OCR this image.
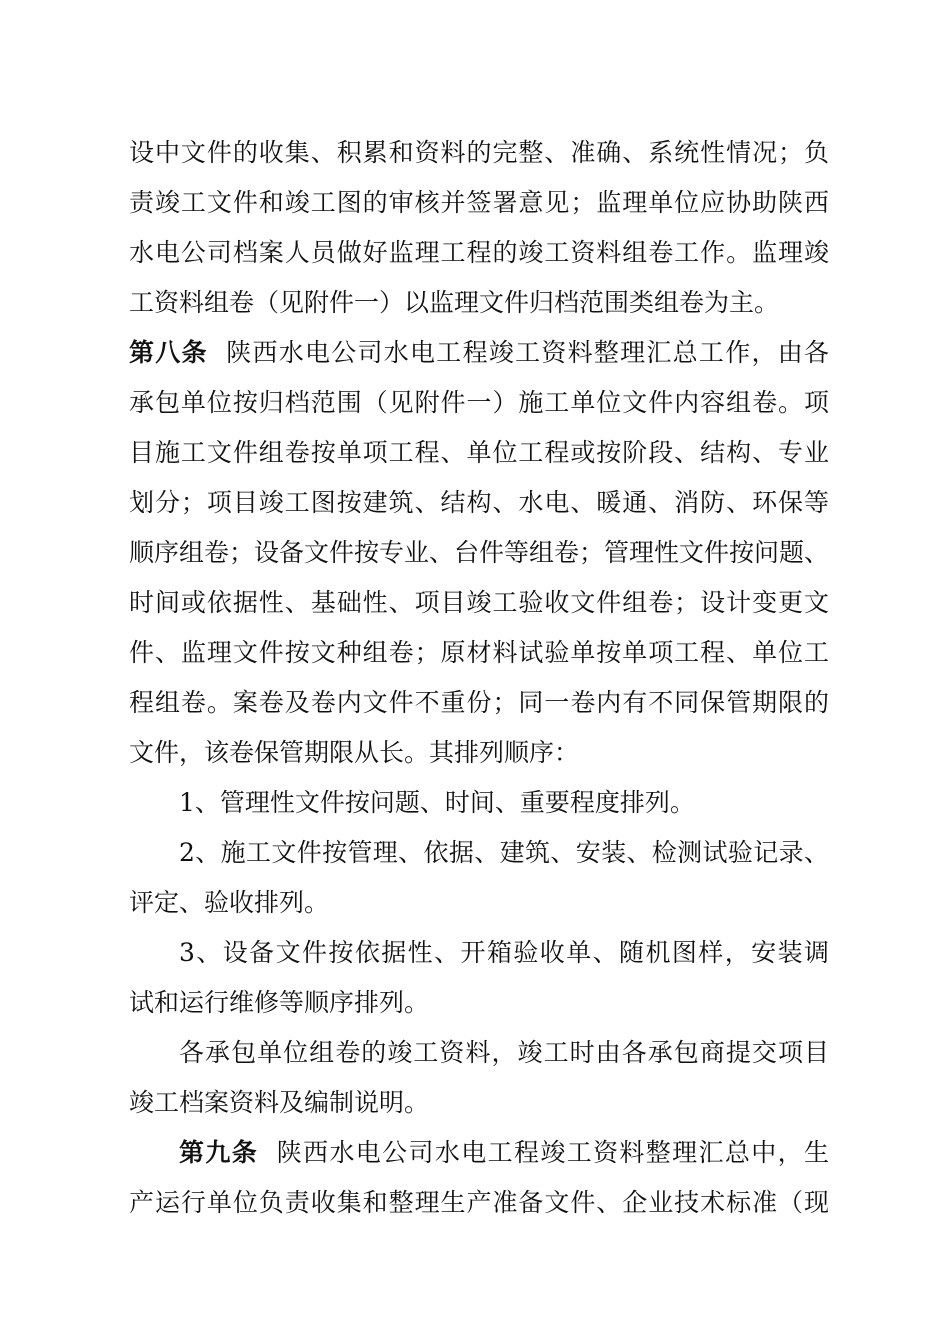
设中文件的收集、积累和资料的完整、准确、系统性情况；负
责竣工文件和竣工图的审核并签署意见；监理单位应协助陕西
水电公司档案人员做好监理工程的竣工资料组卷工作。监理竣
工资料组卷（见附件一）以监理文件归档范围类组卷为主。
第八条 陕西水电公司水电工程竣工资料整理汇总工作，由各
承包单位按归档范围（见附件一）施工单位文件内容组卷。项
目施工文件组卷按单项工程、单位工程或按阶段、结构、专业
划分；项目竣工图按建筑、结构、水电、暖通、消防、环保等
顺序组卷；设备文件按专业、台件等组卷；管理性文件按问题、
时间或依据性、基础性、项目竣工验收文件组卷；设计变更文
件、监理文件按文种组卷；原材料试验单按单项工程、单位工
程组卷。案卷及卷内文件不重份；同一卷内有不同保管期限的
文件，该卷保管期限从长。其排列顺序：
1、管理性文件按问题、时间、重要程度排列。
2、施工文件按管理、依据、建筑、安装、检测试验记录、
评定、验收排列。
3、设备文件按依据性、开箱验收单、随机图样，安装调
试和运行维修等顺序排列。
各承包单位组卷的竣工资料，竣工时由各承包商提交项目
竣工档案资料及编制说明。
第九条 陕西水电公司水电工程竣工资料整理汇总中，生
产运行单位负责收集和整理生产准备文件、企业技术标准（现
